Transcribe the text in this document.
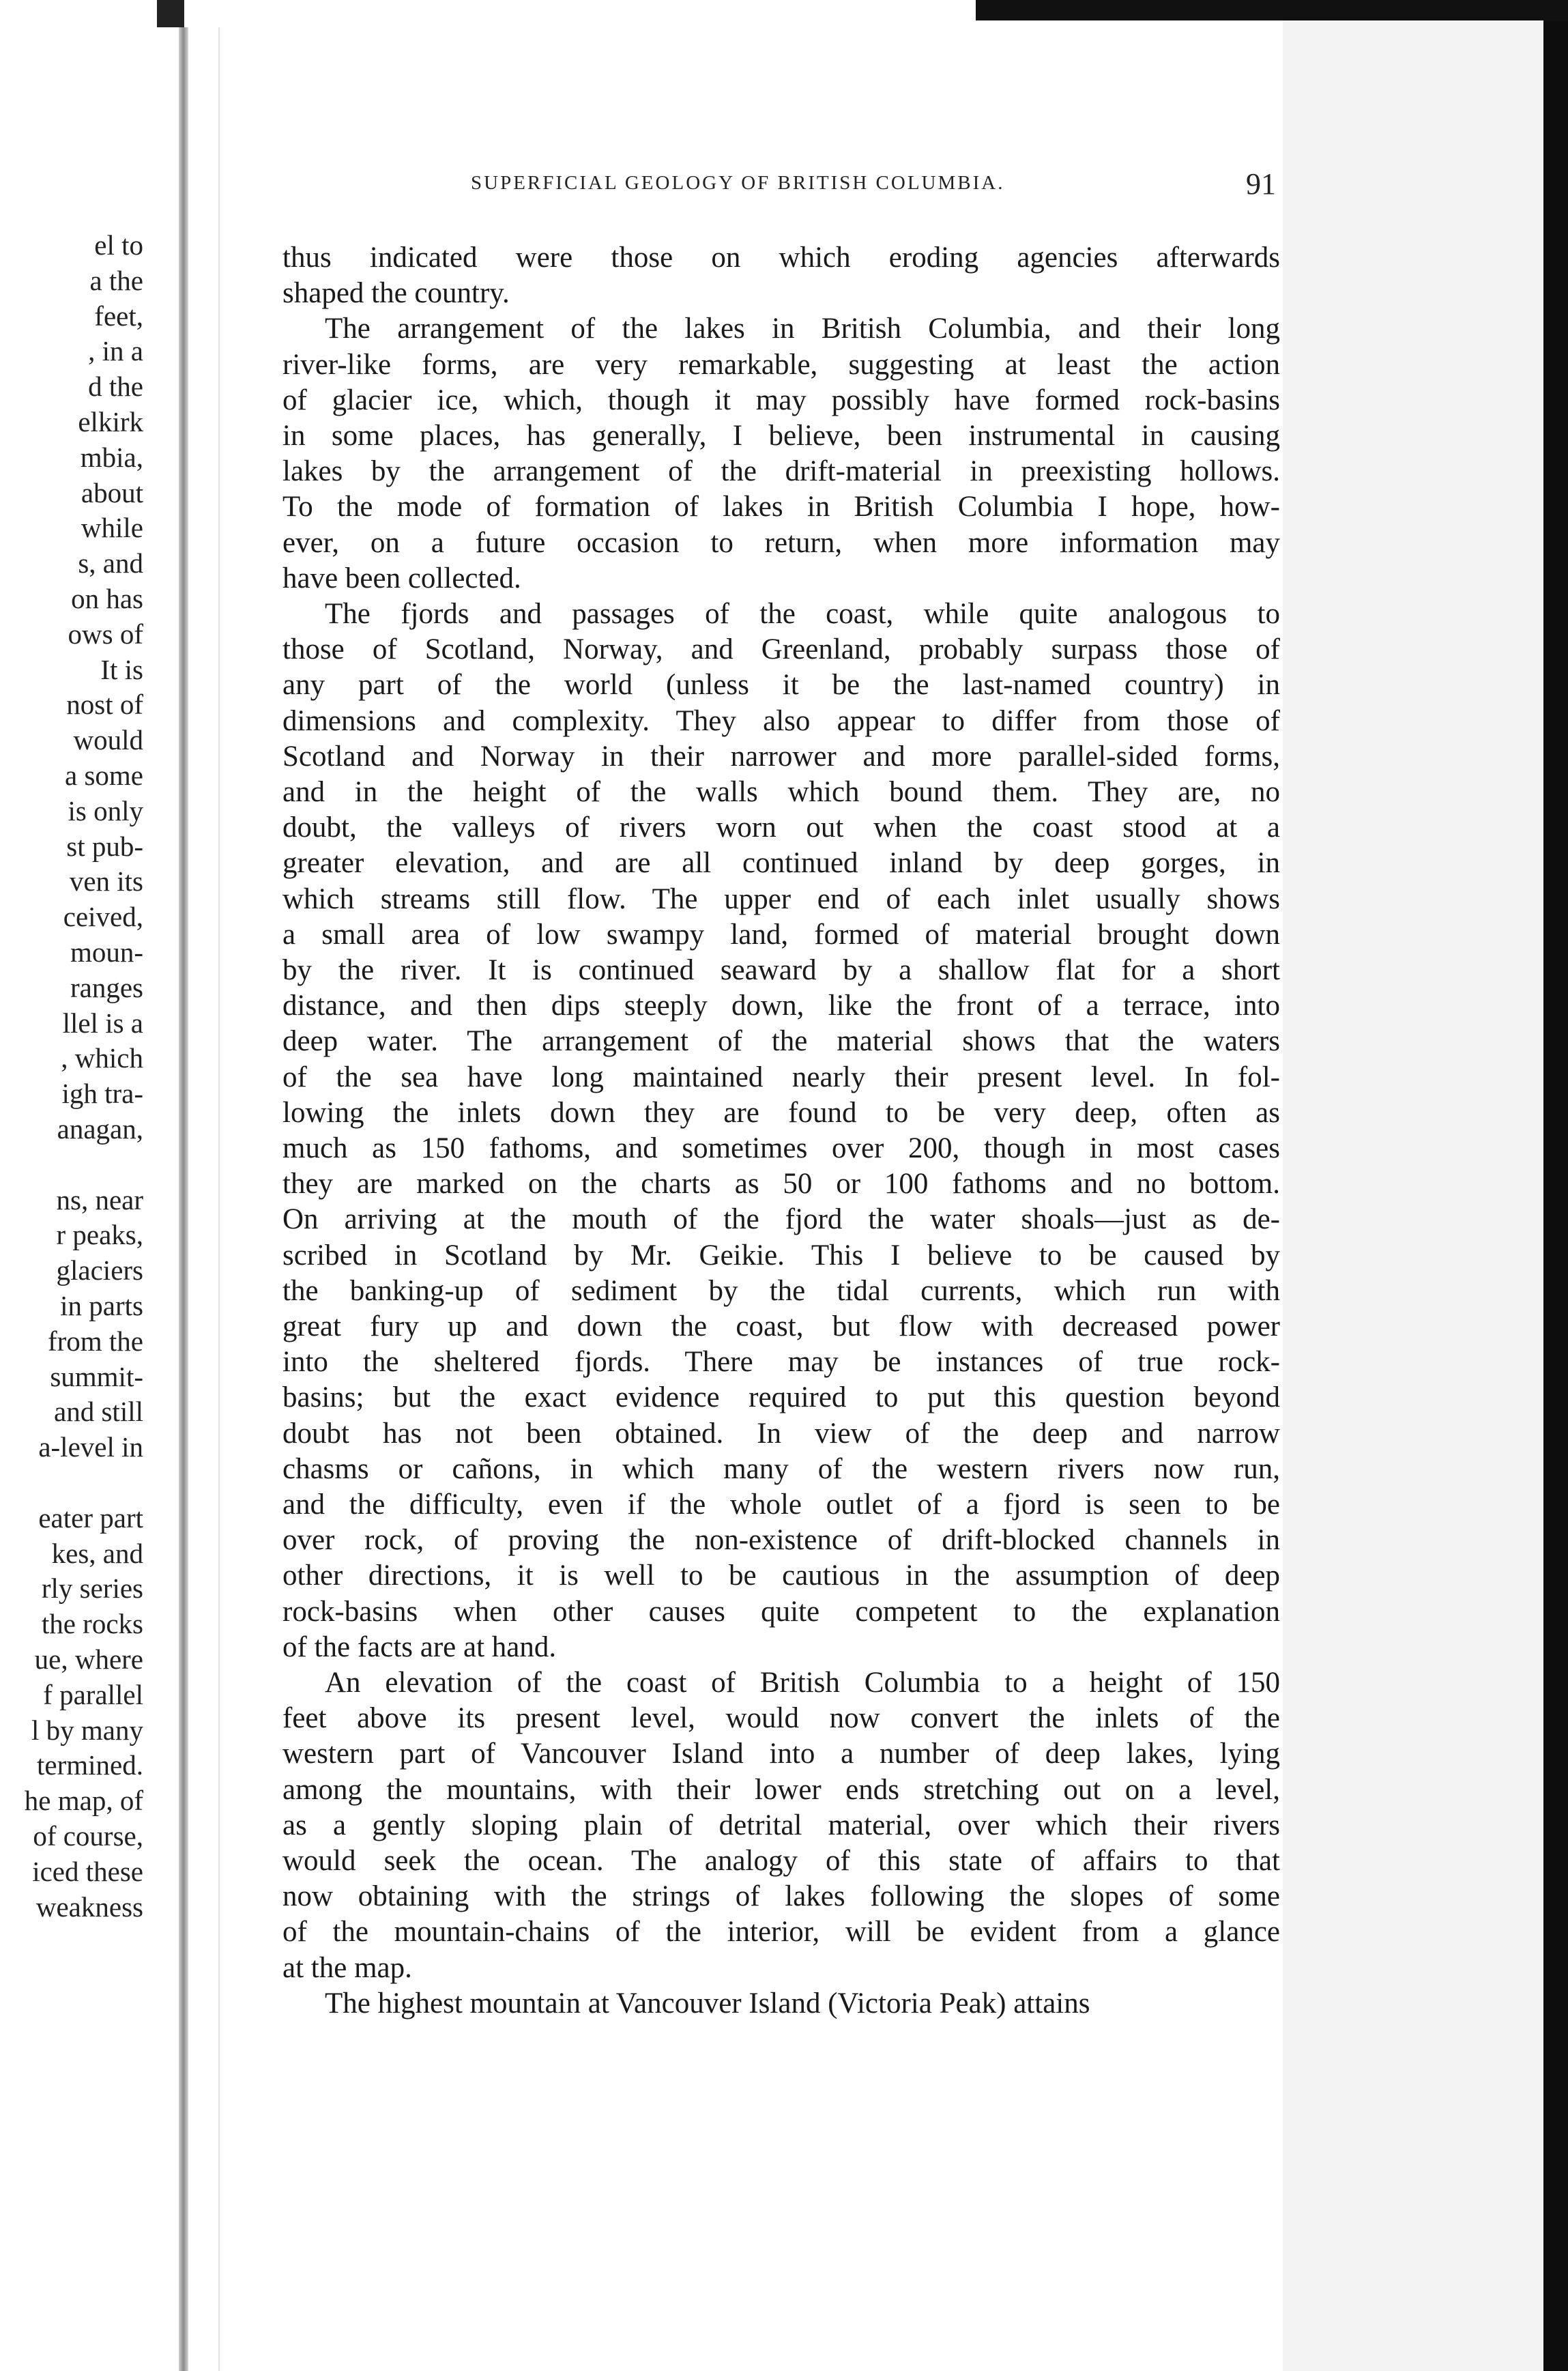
el to
a the
feet,
, in a
d the
elkirk
mbia,
about
while
s, and
on has
ows of
It is
nost of
would
a some
is only
st pub-
ven its
ceived,
moun-
ranges
llel is a
, which
igh tra-
anagan,
ns, near
r peaks,
glaciers
in parts
from the
summit-
and still
a-level in
eater part
kes, and
rly series
the rocks
ue, where
f parallel
l by many
termined.
he map, of
of course,
iced these
weakness
SUPERFICIAL GEOLOGY OF BRITISH COLUMBIA.	91
thus indicated were those on which eroding agencies afterwards
shaped the country.
The arrangement of the lakes in British Columbia, and their long
river-like forms, are very remarkable, suggesting at least the action
of glacier ice, which, though it may possibly have formed rock-basins
in some places, has generally, I believe, been instrumental in causing
lakes by the arrangement of the drift-material in preexisting hollows.
To the mode of formation of lakes in British Columbia I hope, how-
ever, on a future occasion to return, when more information may
have been collected.
The fjords and passages of the coast, while quite analogous to
those of Scotland, Norway, and Greenland, probably surpass those of
any part of the world (unless it be the last-named country) in
dimensions and complexity. They also appear to differ from those of
Scotland and Norway in their narrower and more parallel-sided forms,
and in the height of the walls which bound them. They are, no
doubt, the valleys of rivers worn out when the coast stood at a
greater elevation, and are all continued inland by deep gorges, in
which streams still flow. The upper end of each inlet usually shows
a small area of low swampy land, formed of material brought down
by the river. It is continued seaward by a shallow flat for a short
distance, and then dips steeply down, like the front of a terrace, into
deep water. The arrangement of the material shows that the waters
of the sea have long maintained nearly their present level. In fol-
lowing the inlets down they are found to be very deep, often as
much as 150 fathoms, and sometimes over 200, though in most cases
they are marked on the charts as 50 or 100 fathoms and no bottom.
On arriving at the mouth of the fjord the water shoals—just as de-
scribed in Scotland by Mr. Geikie. This I believe to be caused by
the banking-up of sediment by the tidal currents, which run with
great fury up and down the coast, but flow with decreased power
into the sheltered fjords. There may be instances of true rock-
basins; but the exact evidence required to put this question beyond
doubt has not been obtained. In view of the deep and narrow
chasms or cañons, in which many of the western rivers now run,
and the difficulty, even if the whole outlet of a fjord is seen to be
over rock, of proving the non-existence of drift-blocked channels in
other directions, it is well to be cautious in the assumption of deep
rock-basins when other causes quite competent to the explanation
of the facts are at hand.
An elevation of the coast of British Columbia to a height of 150
feet above its present level, would now convert the inlets of the
western part of Vancouver Island into a number of deep lakes, lying
among the mountains, with their lower ends stretching out on a level,
as a gently sloping plain of detrital material, over which their rivers
would seek the ocean. The analogy of this state of affairs to that
now obtaining with the strings of lakes following the slopes of some
of the mountain-chains of the interior, will be evident from a glance
at the map.
The highest mountain at Vancouver Island (Victoria Peak) attains
